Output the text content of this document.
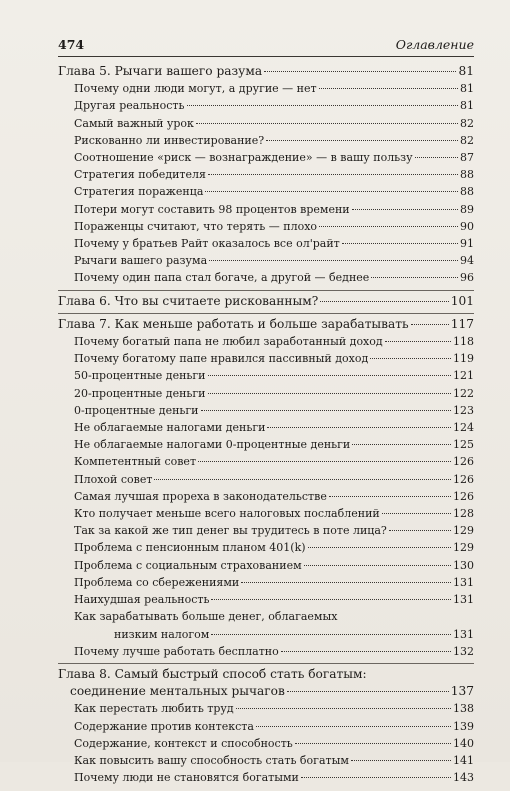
474	Оглавление
Глава 5. Рычаги вашего разума	81
Почему одни люди могут, а другие — нет	81
Другая реальность	81
Самый важный урок	82
Рискованно ли инвестирование?	82
Соотношение «риск — вознаграждение» — в вашу пользу	87
Стратегия победителя	88
Стратегия пораженца	88
Потери могут составить 98 процентов времени	89
Пораженцы считают, что терять — плохо	90
Почему у братьев Райт оказалось все ол'райт	91
Рычаги вашего разума	94
Почему один папа стал богаче, а другой — беднее	96
Глава 6. Что вы считаете рискованным?	101
Глава 7. Как меньше работать и больше зарабатывать	117
Почему богатый папа не любил заработанный доход	118
Почему богатому папе нравился пассивный доход	119
50-процентные деньги	121
20-процентные деньги	122
0-процентные деньги	123
Не облагаемые налогами деньги	124
Не облагаемые налогами 0-процентные деньги	125
Компетентный совет	126
Плохой совет	126
Самая лучшая прореха в законодательстве	126
Кто получает меньше всего налоговых послаблений	128
Так за какой же тип денег вы трудитесь в поте лица?	129
Проблема с пенсионным планом 401(k)	129
Проблема с социальным страхованием	130
Проблема со сбережениями	131
Наихудшая реальность	131
Как зарабатывать больше денег, облагаемых
низким налогом	131
Почему лучше работать бесплатно	132
Глава 8. Самый быстрый способ стать богатым:
соединение ментальных рычагов	137
Как перестать любить труд	138
Содержание против контекста	139
Содержание, контекст и способность	140
Как повысить вашу способность стать богатым	141
Почему люди не становятся богатыми	143
